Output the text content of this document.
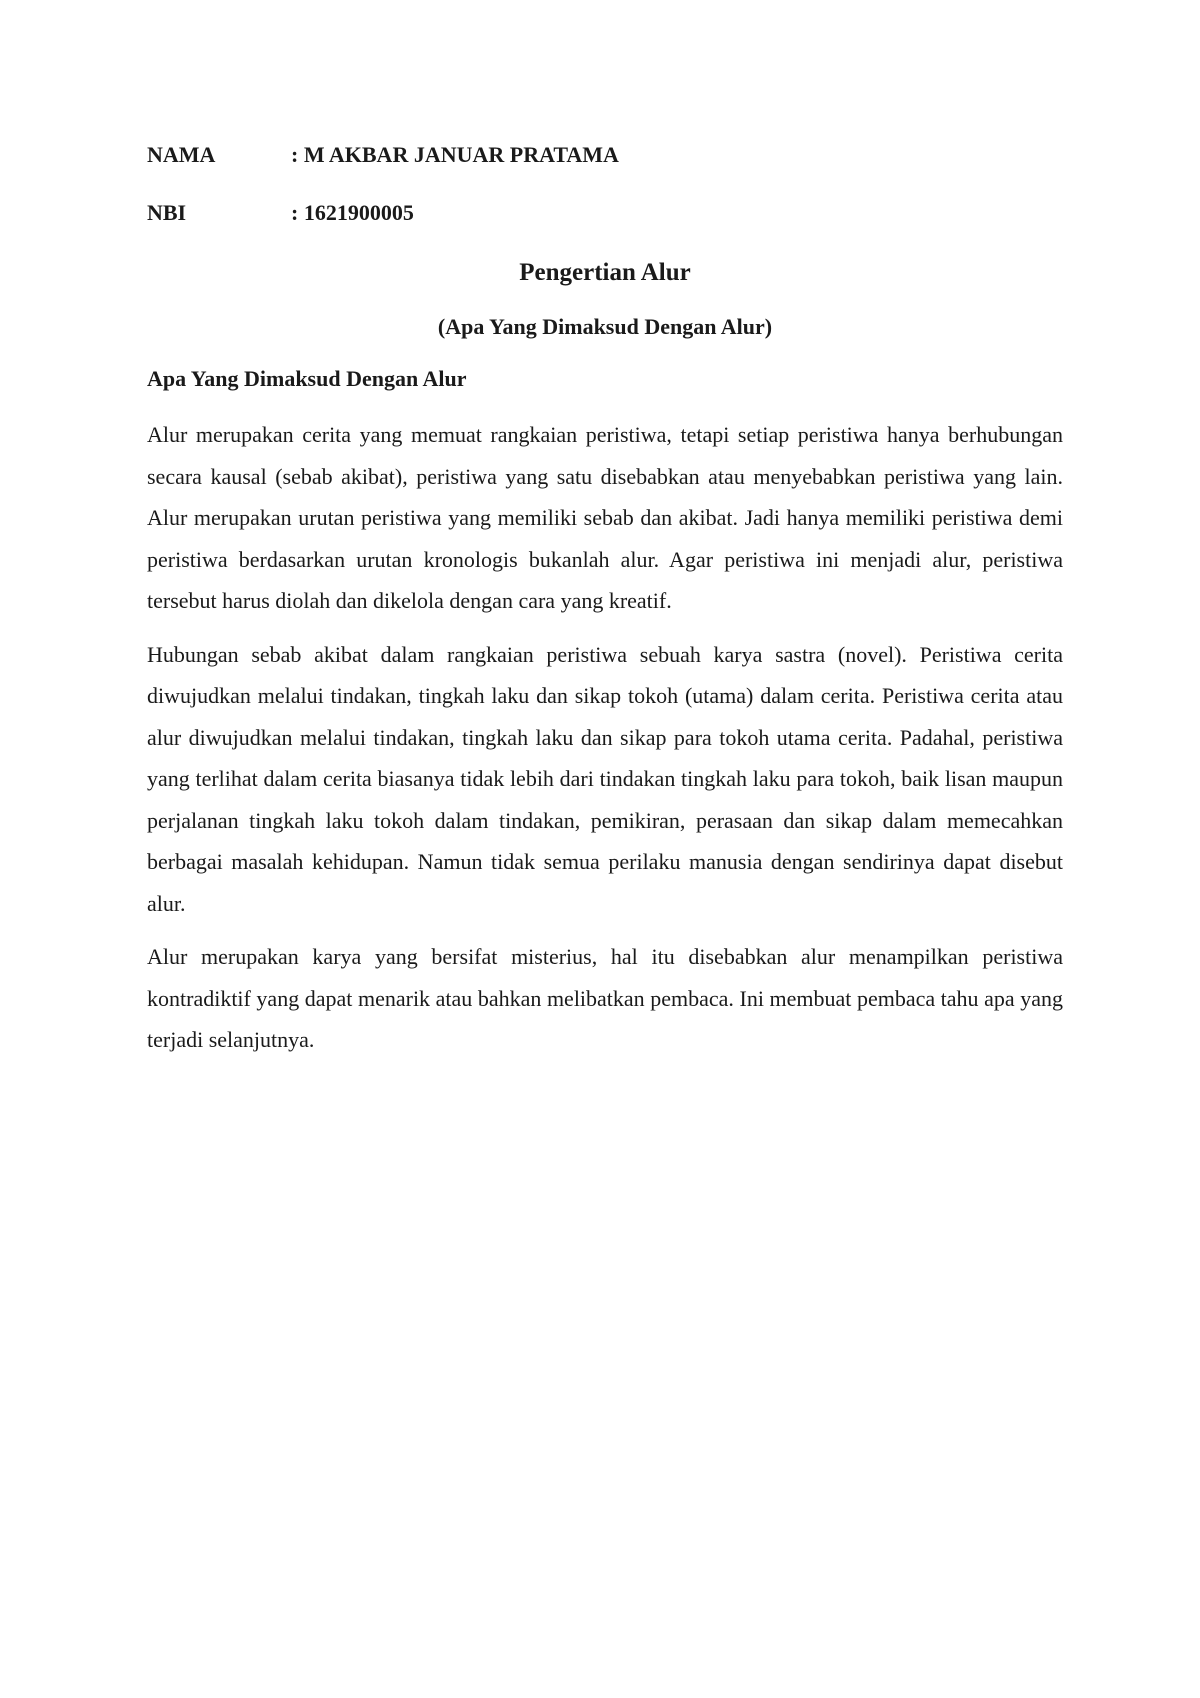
NAMA	: M AKBAR JANUAR PRATAMA
NBI	: 1621900005
Pengertian Alur
(Apa Yang Dimaksud Dengan Alur)
Apa Yang Dimaksud Dengan Alur

Alur merupakan cerita yang memuat rangkaian peristiwa, tetapi setiap peristiwa hanya berhubungan secara kausal (sebab akibat), peristiwa yang satu disebabkan atau menyebabkan peristiwa yang lain. Alur merupakan urutan peristiwa yang memiliki sebab dan akibat. Jadi hanya memiliki peristiwa demi peristiwa berdasarkan urutan kronologis bukanlah alur. Agar peristiwa ini menjadi alur, peristiwa tersebut harus diolah dan dikelola dengan cara yang kreatif.

Hubungan sebab akibat dalam rangkaian peristiwa sebuah karya sastra (novel). Peristiwa cerita diwujudkan melalui tindakan, tingkah laku dan sikap tokoh (utama) dalam cerita. Peristiwa cerita atau alur diwujudkan melalui tindakan, tingkah laku dan sikap para tokoh utama cerita. Padahal, peristiwa yang terlihat dalam cerita biasanya tidak lebih dari tindakan tingkah laku para tokoh, baik lisan maupun perjalanan tingkah laku tokoh dalam tindakan, pemikiran, perasaan dan sikap dalam memecahkan berbagai masalah kehidupan. Namun tidak semua perilaku manusia dengan sendirinya dapat disebut alur.

Alur merupakan karya yang bersifat misterius, hal itu disebabkan alur menampilkan peristiwa kontradiktif yang dapat menarik atau bahkan melibatkan pembaca. Ini membuat pembaca tahu apa yang terjadi selanjutnya.
